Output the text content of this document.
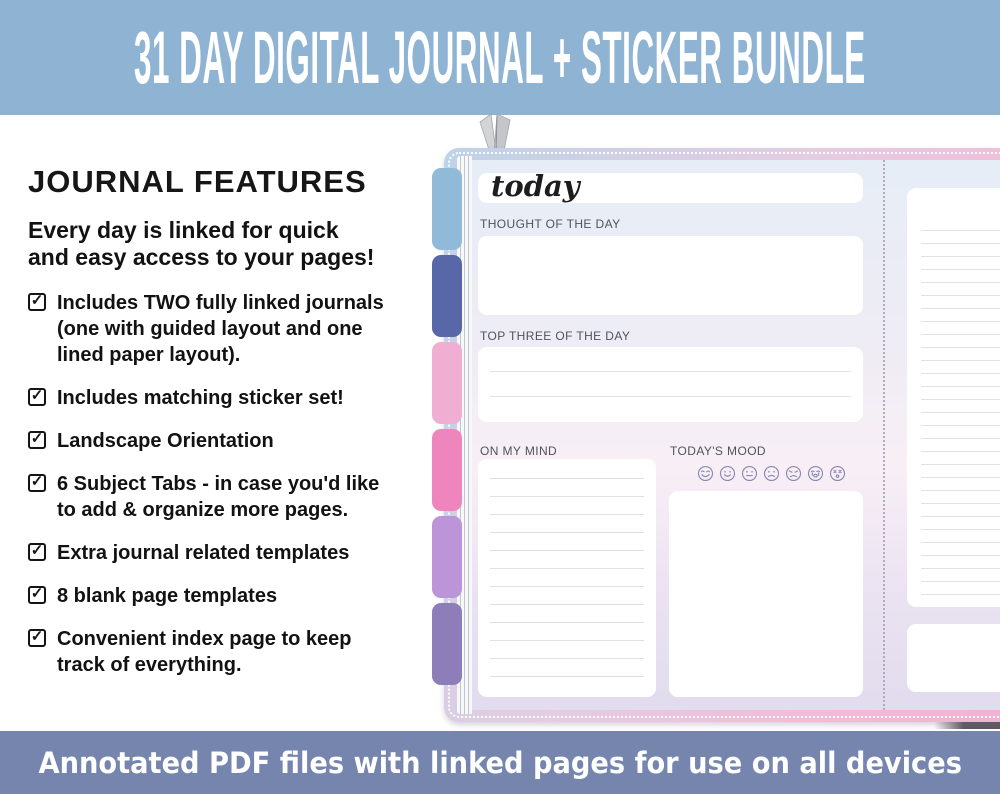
31 DAY DIGITAL JOURNAL + STICKER BUNDLE
JOURNAL FEATURES
Every day is linked for quick
and easy access to your pages!
✓ Includes TWO fully linked journals
(one with guided layout and one
lined paper layout).
✓ Includes matching sticker set!
✓ Landscape Orientation
✓ 6 Subject Tabs - in case you'd like
to add & organize more pages.
✓ Extra journal related templates
✓ 8 blank page templates
✓ Convenient index page to keep
track of everything.
today
THOUGHT OF THE DAY
TOP THREE OF THE DAY
ON MY MIND	TODAY'S MOOD
Annotated PDF files with linked pages for use on all devices
